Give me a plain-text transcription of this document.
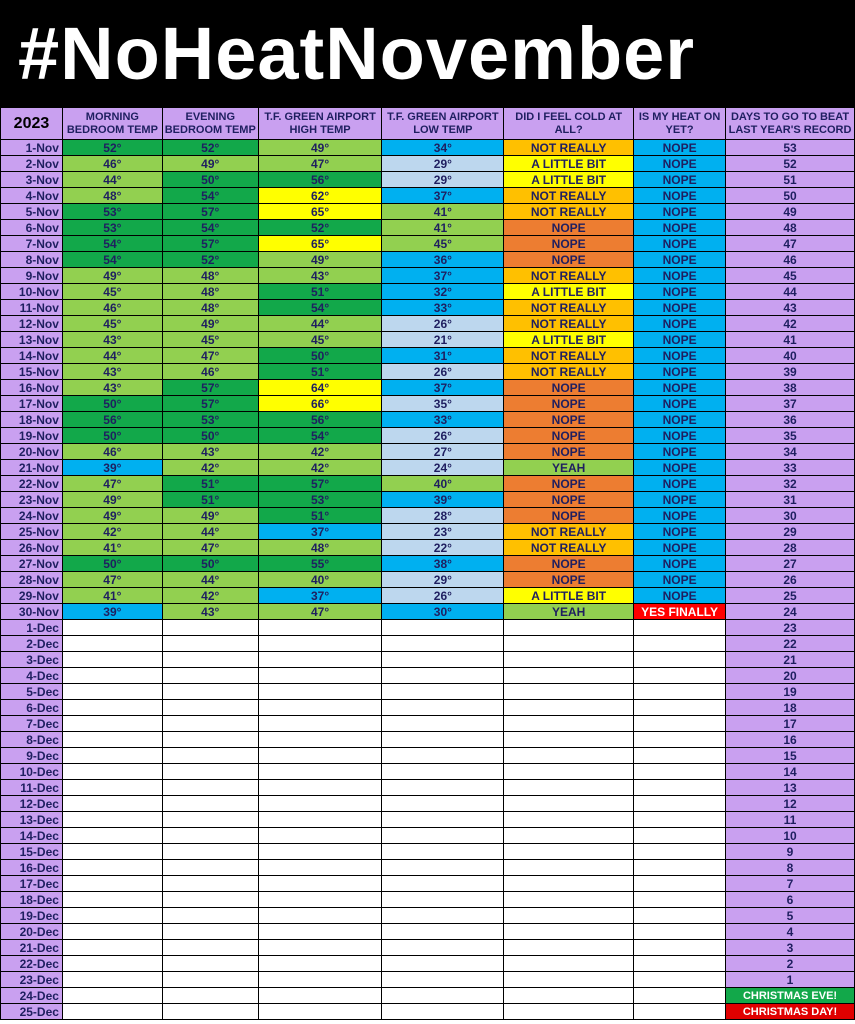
#NoHeatNovember
2023	MORNING BEDROOM TEMP	EVENING BEDROOM TEMP	T.F. GREEN AIRPORT HIGH TEMP	T.F. GREEN AIRPORT LOW TEMP	DID I FEEL COLD AT ALL?	IS MY HEAT ON YET?	DAYS TO GO TO BEAT LAST YEAR'S RECORD
1-Nov	52°	52°	49°	34°	NOT REALLY	NOPE	53
2-Nov	46°	49°	47°	29°	A LITTLE BIT	NOPE	52
3-Nov	44°	50°	56°	29°	A LITTLE BIT	NOPE	51
4-Nov	48°	54°	62°	37°	NOT REALLY	NOPE	50
5-Nov	53°	57°	65°	41°	NOT REALLY	NOPE	49
6-Nov	53°	54°	52°	41°	NOPE	NOPE	48
7-Nov	54°	57°	65°	45°	NOPE	NOPE	47
8-Nov	54°	52°	49°	36°	NOPE	NOPE	46
9-Nov	49°	48°	43°	37°	NOT REALLY	NOPE	45
10-Nov	45°	48°	51°	32°	A LITTLE BIT	NOPE	44
11-Nov	46°	48°	54°	33°	NOT REALLY	NOPE	43
12-Nov	45°	49°	44°	26°	NOT REALLY	NOPE	42
13-Nov	43°	45°	45°	21°	A LITTLE BIT	NOPE	41
14-Nov	44°	47°	50°	31°	NOT REALLY	NOPE	40
15-Nov	43°	46°	51°	26°	NOT REALLY	NOPE	39
16-Nov	43°	57°	64°	37°	NOPE	NOPE	38
17-Nov	50°	57°	66°	35°	NOPE	NOPE	37
18-Nov	56°	53°	56°	33°	NOPE	NOPE	36
19-Nov	50°	50°	54°	26°	NOPE	NOPE	35
20-Nov	46°	43°	42°	27°	NOPE	NOPE	34
21-Nov	39°	42°	42°	24°	YEAH	NOPE	33
22-Nov	47°	51°	57°	40°	NOPE	NOPE	32
23-Nov	49°	51°	53°	39°	NOPE	NOPE	31
24-Nov	49°	49°	51°	28°	NOPE	NOPE	30
25-Nov	42°	44°	37°	23°	NOT REALLY	NOPE	29
26-Nov	41°	47°	48°	22°	NOT REALLY	NOPE	28
27-Nov	50°	50°	55°	38°	NOPE	NOPE	27
28-Nov	47°	44°	40°	29°	NOPE	NOPE	26
29-Nov	41°	42°	37°	26°	A LITTLE BIT	NOPE	25
30-Nov	39°	43°	47°	30°	YEAH	YES FINALLY	24
1-Dec							23
2-Dec							22
3-Dec							21
4-Dec							20
5-Dec							19
6-Dec							18
7-Dec							17
8-Dec							16
9-Dec							15
10-Dec							14
11-Dec							13
12-Dec							12
13-Dec							11
14-Dec							10
15-Dec							9
16-Dec							8
17-Dec							7
18-Dec							6
19-Dec							5
20-Dec							4
21-Dec							3
22-Dec							2
23-Dec							1
24-Dec							CHRISTMAS EVE!
25-Dec							CHRISTMAS DAY!
